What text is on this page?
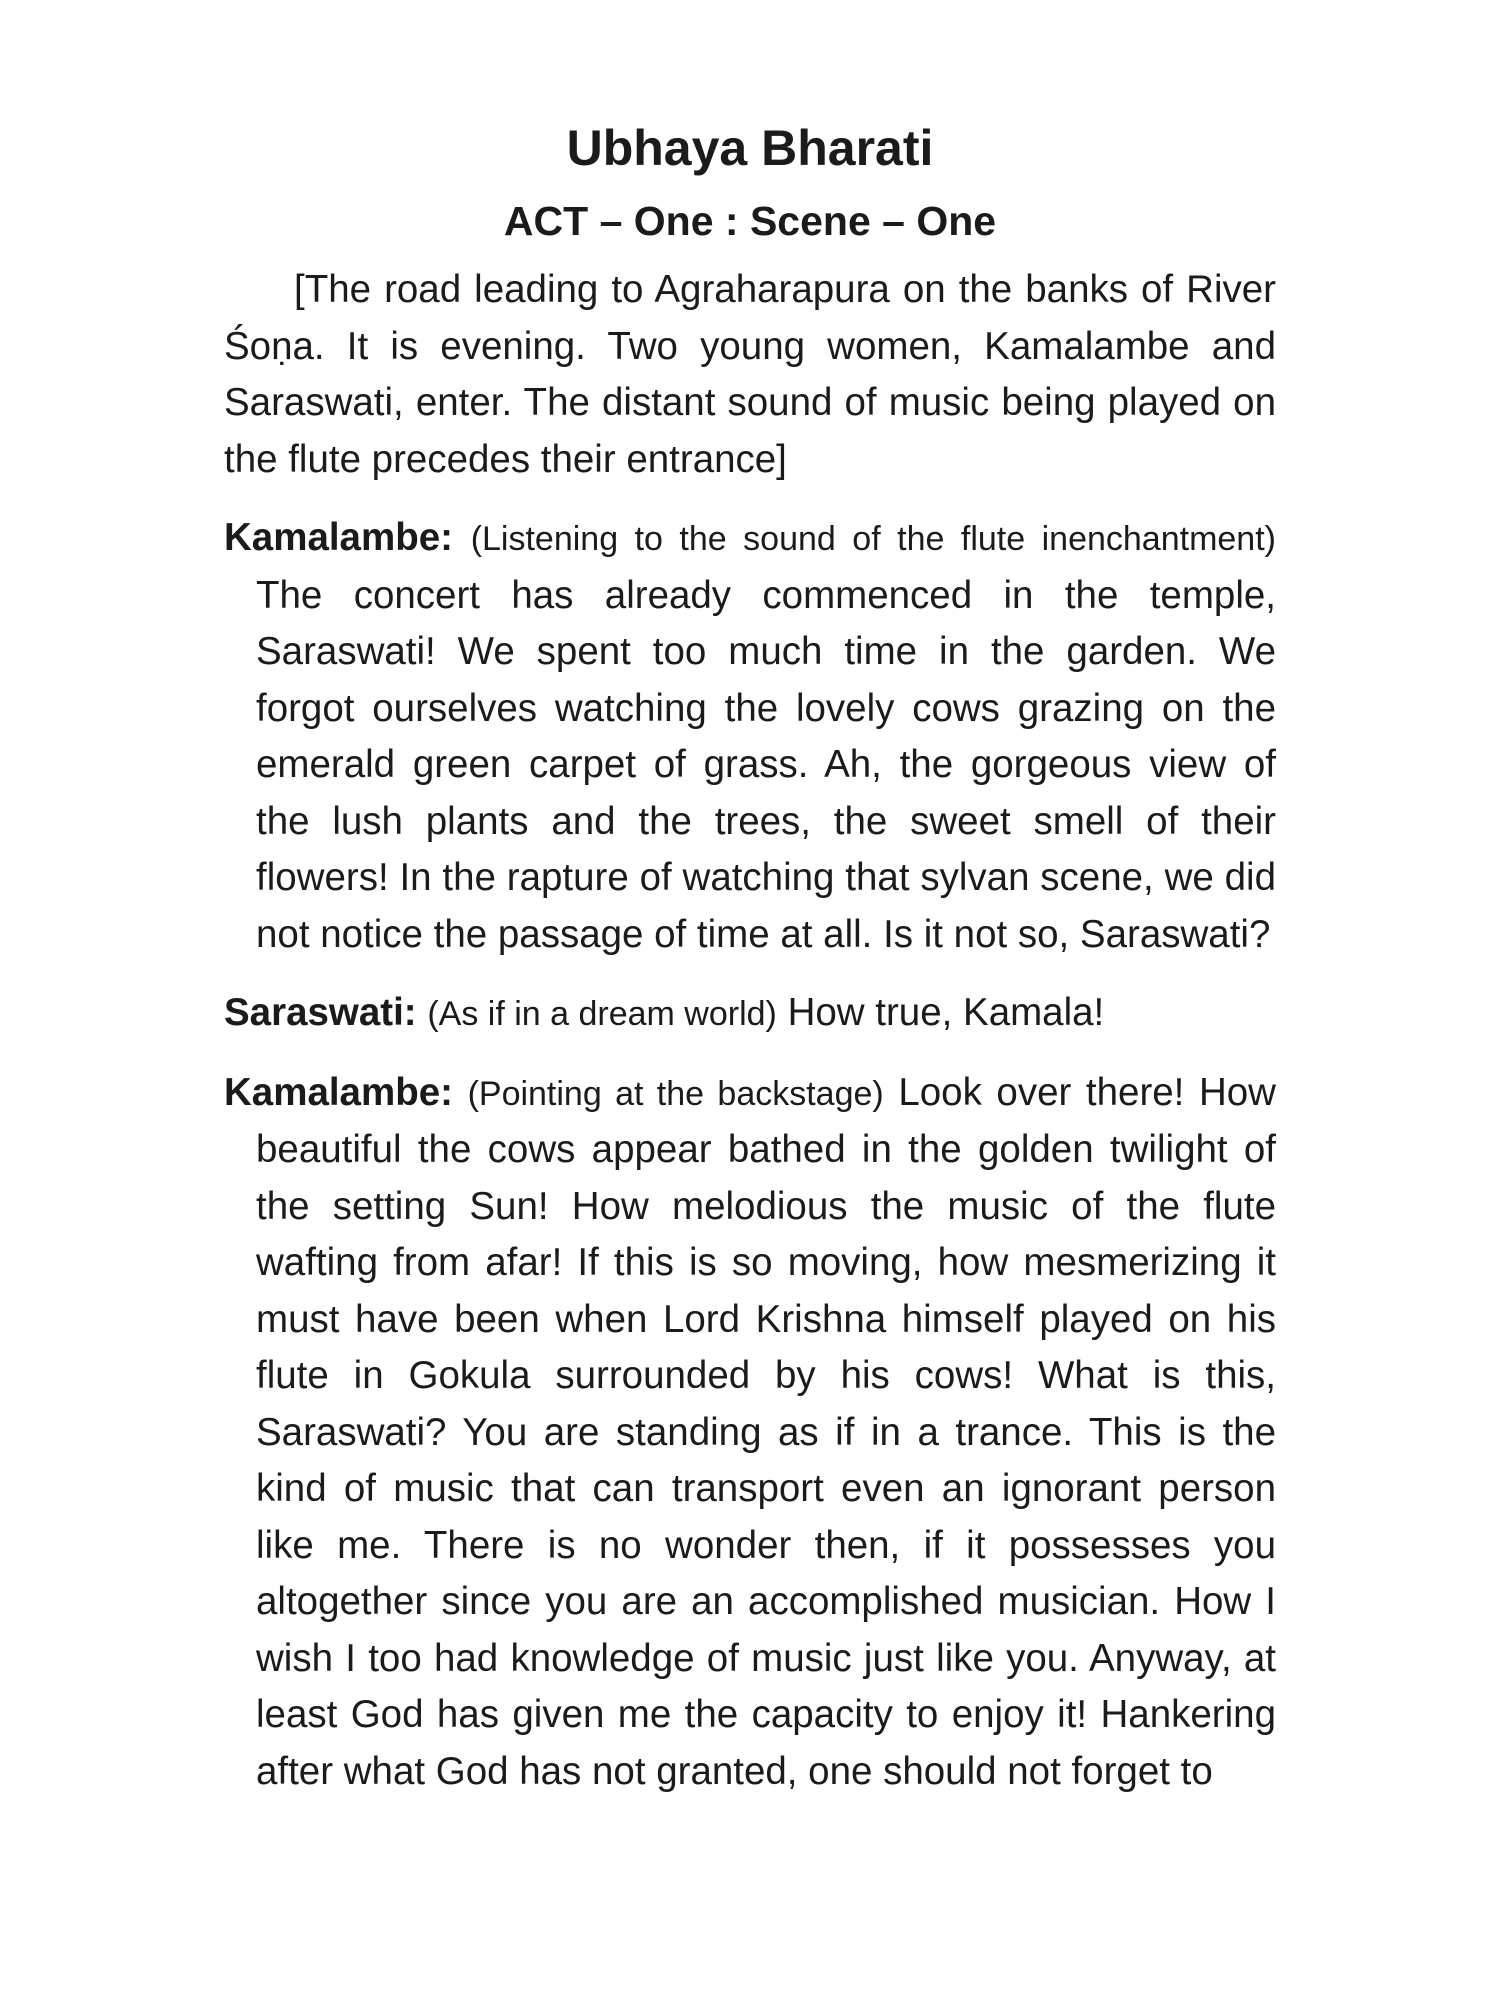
Ubhaya Bharati
ACT – One : Scene – One

[The road leading to Agraharapura on the banks of River Śoṇa. It is evening. Two young women, Kamalambe and Saraswati, enter. The distant sound of music being played on the flute precedes their entrance]

Kamalambe: (Listening to the sound of the flute inenchantment) The concert has already commenced in the temple, Saraswati! We spent too much time in the garden. We forgot ourselves watching the lovely cows grazing on the emerald green carpet of grass. Ah, the gorgeous view of the lush plants and the trees, the sweet smell of their flowers! In the rapture of watching that sylvan scene, we did not notice the passage of time at all. Is it not so, Saraswati?

Saraswati: (As if in a dream world) How true, Kamala!

Kamalambe: (Pointing at the backstage) Look over there! How beautiful the cows appear bathed in the golden twilight of the setting Sun! How melodious the music of the flute wafting from afar! If this is so moving, how mesmerizing it must have been when Lord Krishna himself played on his flute in Gokula surrounded by his cows! What is this, Saraswati? You are standing as if in a trance. This is the kind of music that can transport even an ignorant person like me. There is no wonder then, if it possesses you altogether since you are an accomplished musician. How I wish I too had knowledge of music just like you. Anyway, at least God has given me the capacity to enjoy it! Hankering after what God has not granted, one should not forget to
